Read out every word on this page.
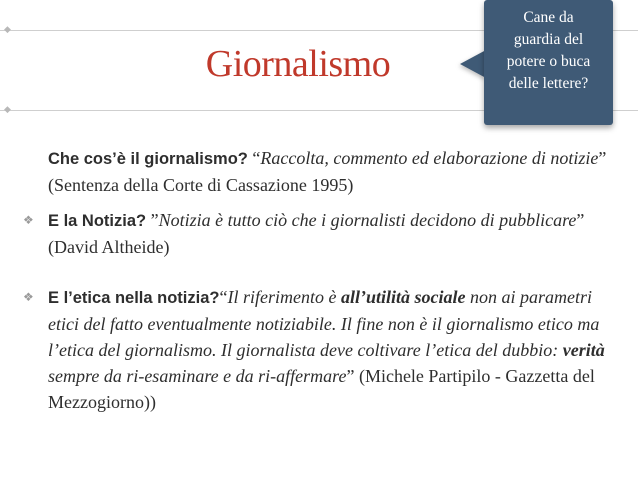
◆
◆
Giornalismo
Cane da
guardia del
potere o buca
delle lettere?
Che cos’è il giornalismo? “Raccolta, commento ed elaborazione di notizie” (Sentenza della Corte di Cassazione 1995)
❖ E la Notizia? ”Notizia è tutto ciò che i giornalisti decidono di pubblicare” (David Altheide)
❖ E l’etica nella notizia?“Il riferimento è all’utilità sociale non ai parametri etici del fatto eventualmente notiziabile. Il fine non è il giornalismo etico ma l’etica del giornalismo. Il giornalista deve coltivare l’etica del dubbio: verità sempre da ri-esaminare e da ri-affermare” (Michele Partipilo - Gazzetta del Mezzogiorno))
